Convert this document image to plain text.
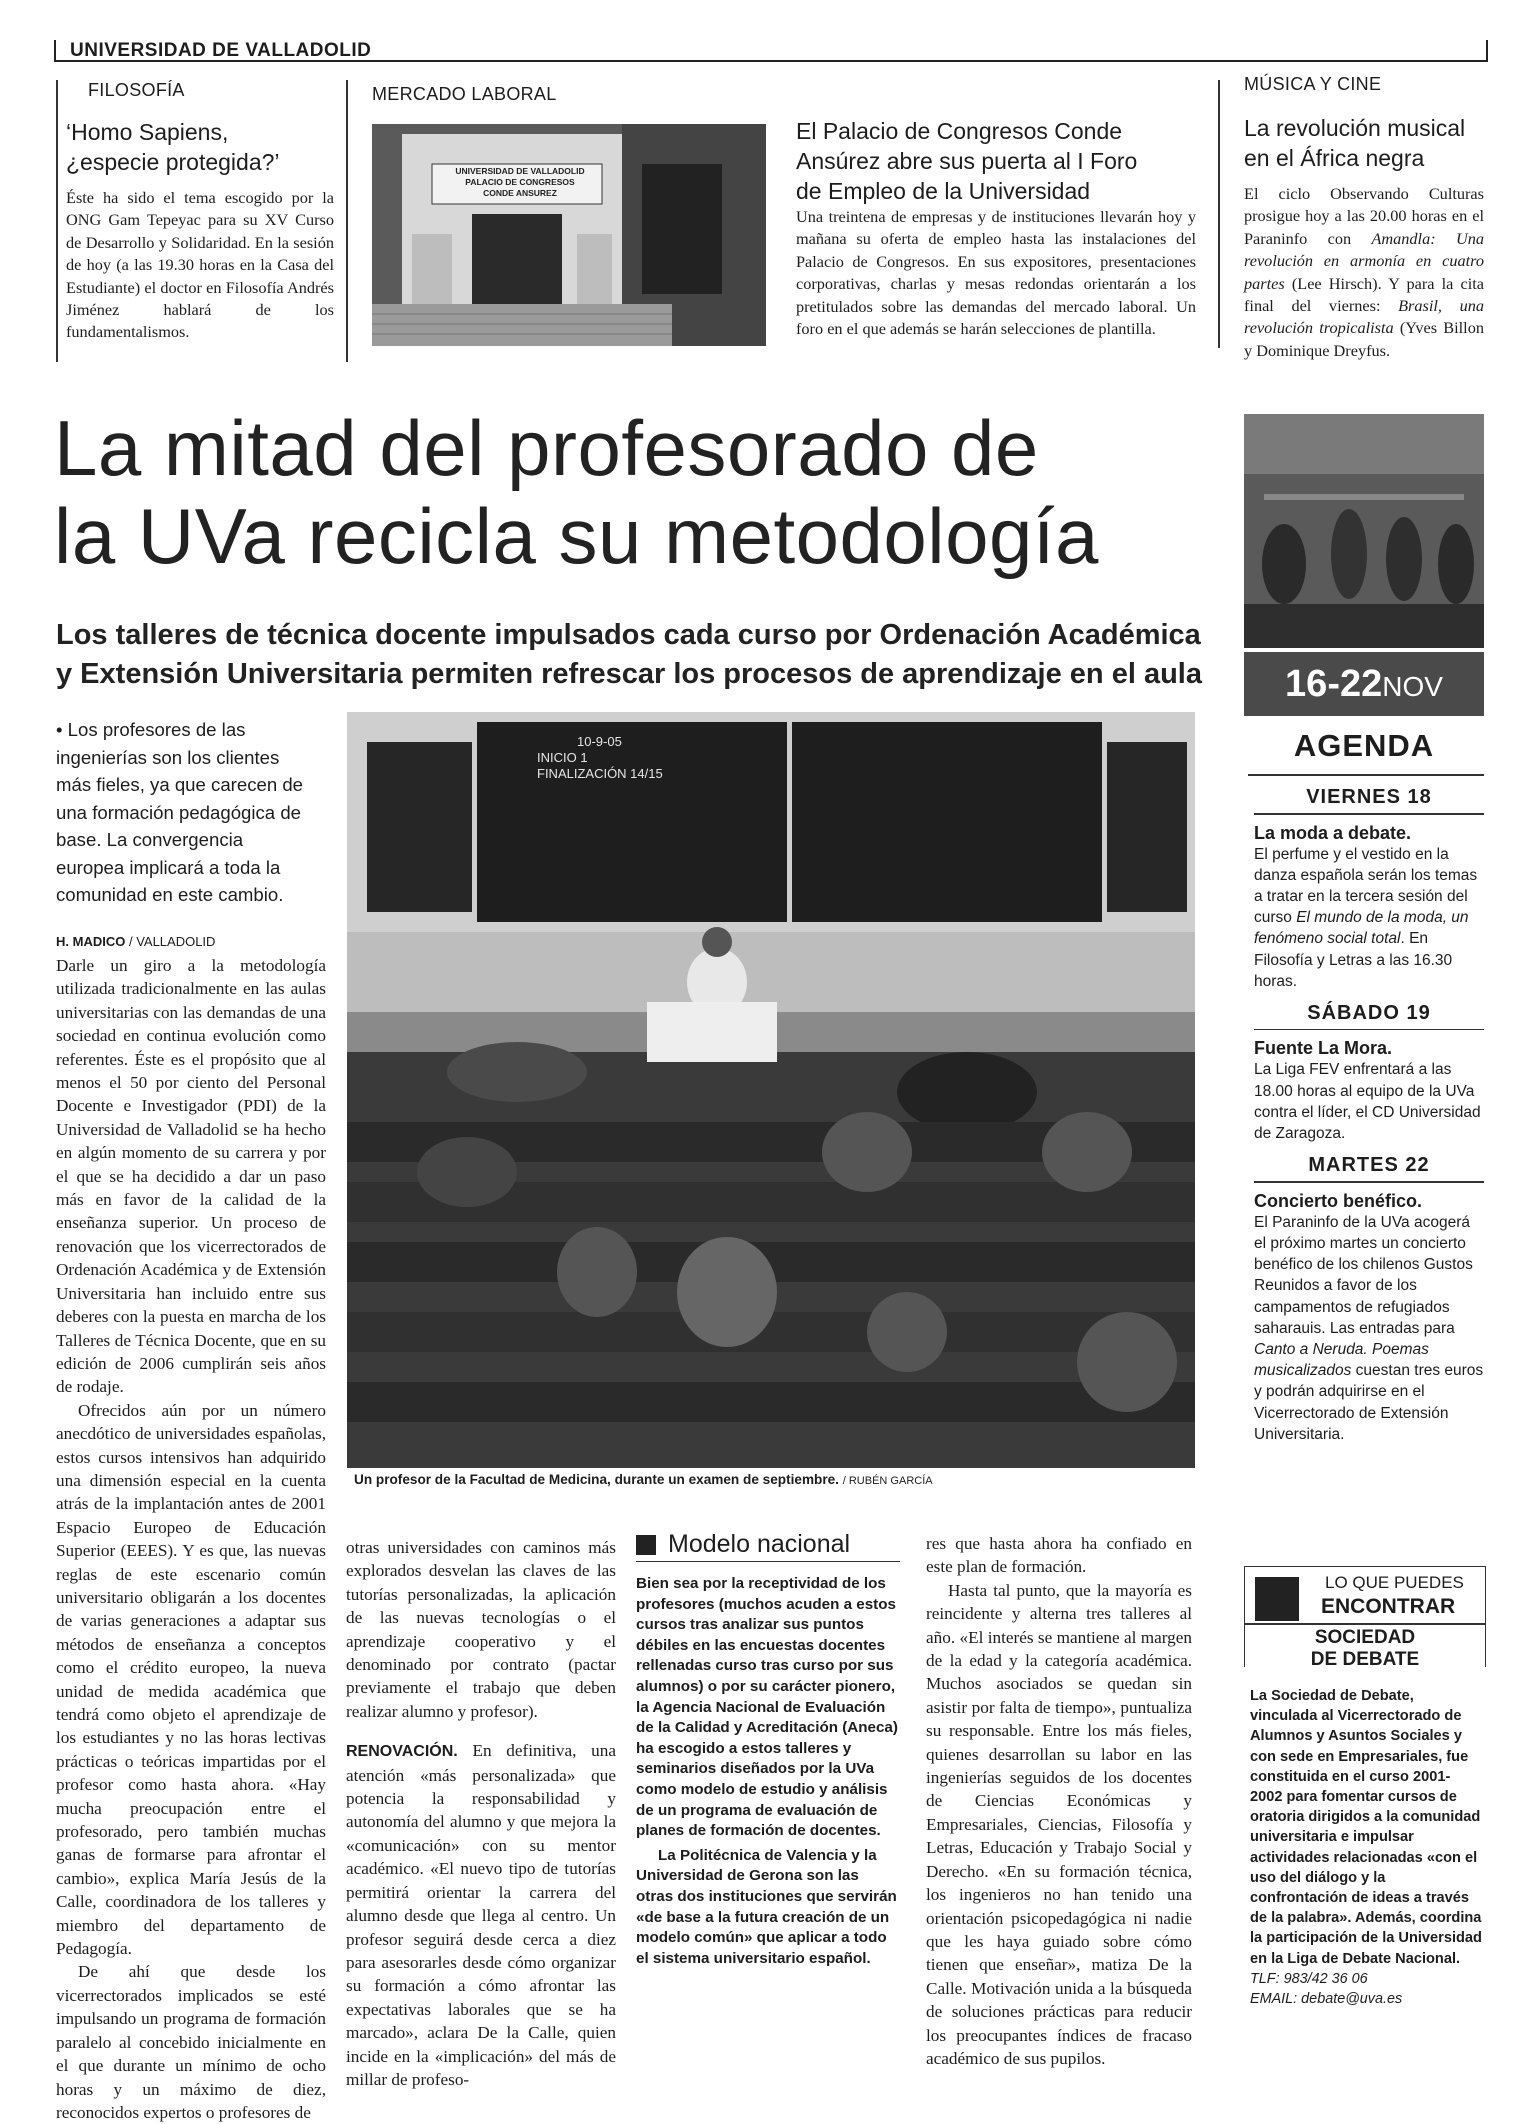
UNIVERSIDAD DE VALLADOLID
FILOSOFÍA
‘Homo Sapiens,
¿especie protegida?’

Éste ha sido el tema escogido por la ONG Gam Tepeyac para su XV Curso de Desarrollo y Solidaridad. En la sesión de hoy (a las 19.30 horas en la Casa del Estudiante) el doctor en Filosofía Andrés Jiménez hablará de los fundamentalismos.

MERCADO LABORAL
UNIVERSIDAD DE VALLADOLID
PALACIO DE CONGRESOS
CONDE ANSUREZ
El Palacio de Congresos Conde
Ansúrez abre sus puerta al I Foro
de Empleo de la Universidad

Una treintena de empresas y de instituciones llevarán hoy y mañana su oferta de empleo hasta las instalaciones del Palacio de Congresos. En sus expositores, presentaciones corporativas, charlas y mesas redondas orientarán a los pretitulados sobre las demandas del mercado laboral. Un foro en el que además se harán selecciones de plantilla.

MÚSICA Y CINE
La revolución musical
en el África negra

El ciclo Observando Culturas prosigue hoy a las 20.00 horas en el Paraninfo con Amandla: Una revolución en armonía en cuatro partes (Lee Hirsch). Y para la cita final del viernes: Brasil, una revolución tropicalista (Yves Billon y Dominique Dreyfus.

La mitad del profesorado de
la UVa recicla su metodología
Los talleres de técnica docente impulsados cada curso por Ordenación Académica
y Extensión Universitaria permiten refrescar los procesos de aprendizaje en el aula

• Los profesores de las ingenierías son los clientes más fieles, ya que carecen de una formación pedagógica de base. La convergencia europea implicará a toda la comunidad en este cambio.

H. MADICO / VALLADOLID

Darle un giro a la metodología utilizada tradicionalmente en las aulas universitarias con las demandas de una sociedad en continua evolución como referentes. Éste es el propósito que al menos el 50 por ciento del Personal Docente e Investigador (PDI) de la Universidad de Valladolid se ha hecho en algún momento de su carrera y por el que se ha decidido a dar un paso más en favor de la calidad de la enseñanza superior. Un proceso de renovación que los vicerrectorados de Ordenación Académica y de Extensión Universitaria han incluido entre sus deberes con la puesta en marcha de los Talleres de Técnica Docente, que en su edición de 2006 cumplirán seis años de rodaje.

Ofrecidos aún por un número anecdótico de universidades españolas, estos cursos intensivos han adquirido una dimensión especial en la cuenta atrás de la implantación antes de 2001 Espacio Europeo de Educación Superior (EEES). Y es que, las nuevas reglas de este escenario común universitario obligarán a los docentes de varias generaciones a adaptar sus métodos de enseñanza a conceptos como el crédito europeo, la nueva unidad de medida académica que tendrá como objeto el aprendizaje de los estudiantes y no las horas lectivas prácticas o teóricas impartidas por el profesor como hasta ahora. «Hay mucha preocupación entre el profesorado, pero también muchas ganas de formarse para afrontar el cambio», explica María Jesús de la Calle, coordinadora de los talleres y miembro del departamento de Pedagogía.

De ahí que desde los vicerrectorados implicados se esté impulsando un programa de formación paralelo al concebido inicialmente en el que durante un mínimo de ocho horas y un máximo de diez, reconocidos expertos o profesores de

10-9-05
INICIO 1
FINALIZACIÓN 14/15
Un profesor de la Facultad de Medicina, durante un examen de septiembre. / RUBÉN GARCÍA

otras universidades con caminos más explorados desvelan las claves de las tutorías personalizadas, la aplicación de las nuevas tecnologías o el aprendizaje cooperativo y el denominado por contrato (pactar previamente el trabajo que deben realizar alumno y profesor).

RENOVACIÓN. En definitiva, una atención «más personalizada» que potencia la responsabilidad y autonomía del alumno y que mejora la «comunicación» con su mentor académico. «El nuevo tipo de tutorías permitirá orientar la carrera del alumno desde que llega al centro. Un profesor seguirá desde cerca a diez para asesorarles desde cómo organizar su formación a cómo afrontar las expectativas laborales que se ha marcado», aclara De la Calle, quien incide en la «implicación» del más de millar de profeso-

Modelo nacional

Bien sea por la receptividad de los profesores (muchos acuden a estos cursos tras analizar sus puntos débiles en las encuestas docentes rellenadas curso tras curso por sus alumnos) o por su carácter pionero, la Agencia Nacional de Evaluación de la Calidad y Acreditación (Aneca) ha escogido a estos talleres y seminarios diseñados por la UVa como modelo de estudio y análisis de un programa de evaluación de planes de formación de docentes.

La Politécnica de Valencia y la Universidad de Gerona son las otras dos instituciones que servirán «de base a la futura creación de un modelo común» que aplicar a todo el sistema universitario español.

res que hasta ahora ha confiado en este plan de formación.

Hasta tal punto, que la mayoría es reincidente y alterna tres talleres al año. «El interés se mantiene al margen de la edad y la categoría académica. Muchos asociados se quedan sin asistir por falta de tiempo», puntualiza su responsable. Entre los más fieles, quienes desarrollan su labor en las ingenierías seguidos de los docentes de Ciencias Económicas y Empresariales, Ciencias, Filosofía y Letras, Educación y Trabajo Social y Derecho. «En su formación técnica, los ingenieros no han tenido una orientación psicopedagógica ni nadie que les haya guiado sobre cómo tienen que enseñar», matiza De la Calle. Motivación unida a la búsqueda de soluciones prácticas para reducir los preocupantes índices de fracaso académico de sus pupilos.

16-22NOV
AGENDA
VIERNES 18
La moda a debate.

El perfume y el vestido en la danza española serán los temas a tratar en la tercera sesión del curso El mundo de la moda, un fenómeno social total. En Filosofía y Letras a las 16.30 horas.

SÁBADO 19
Fuente La Mora.

La Liga FEV enfrentará a las 18.00 horas al equipo de la UVa contra el líder, el CD Universidad de Zaragoza.

MARTES 22
Concierto benéfico.

El Paraninfo de la UVa acogerá el próximo martes un concierto benéfico de los chilenos Gustos Reunidos a favor de los campamentos de refugiados saharauis. Las entradas para Canto a Neruda. Poemas musicalizados cuestan tres euros y podrán adquirirse en el Vicerrectorado de Extensión Universitaria.

LO QUE PUEDES
ENCONTRAR
SOCIEDAD
DE DEBATE

La Sociedad de Debate, vinculada al Vicerrectorado de Alumnos y Asuntos Sociales y con sede en Empresariales, fue constituida en el curso 2001-2002 para fomentar cursos de oratoria dirigidos a la comunidad universitaria e impulsar actividades relacionadas «con el uso del diálogo y la confrontación de ideas a través de la palabra». Además, coordina la participación de la Universidad en la Liga de Debate Nacional.

TLF: 983/42 36 06
EMAIL: debate@uva.es
